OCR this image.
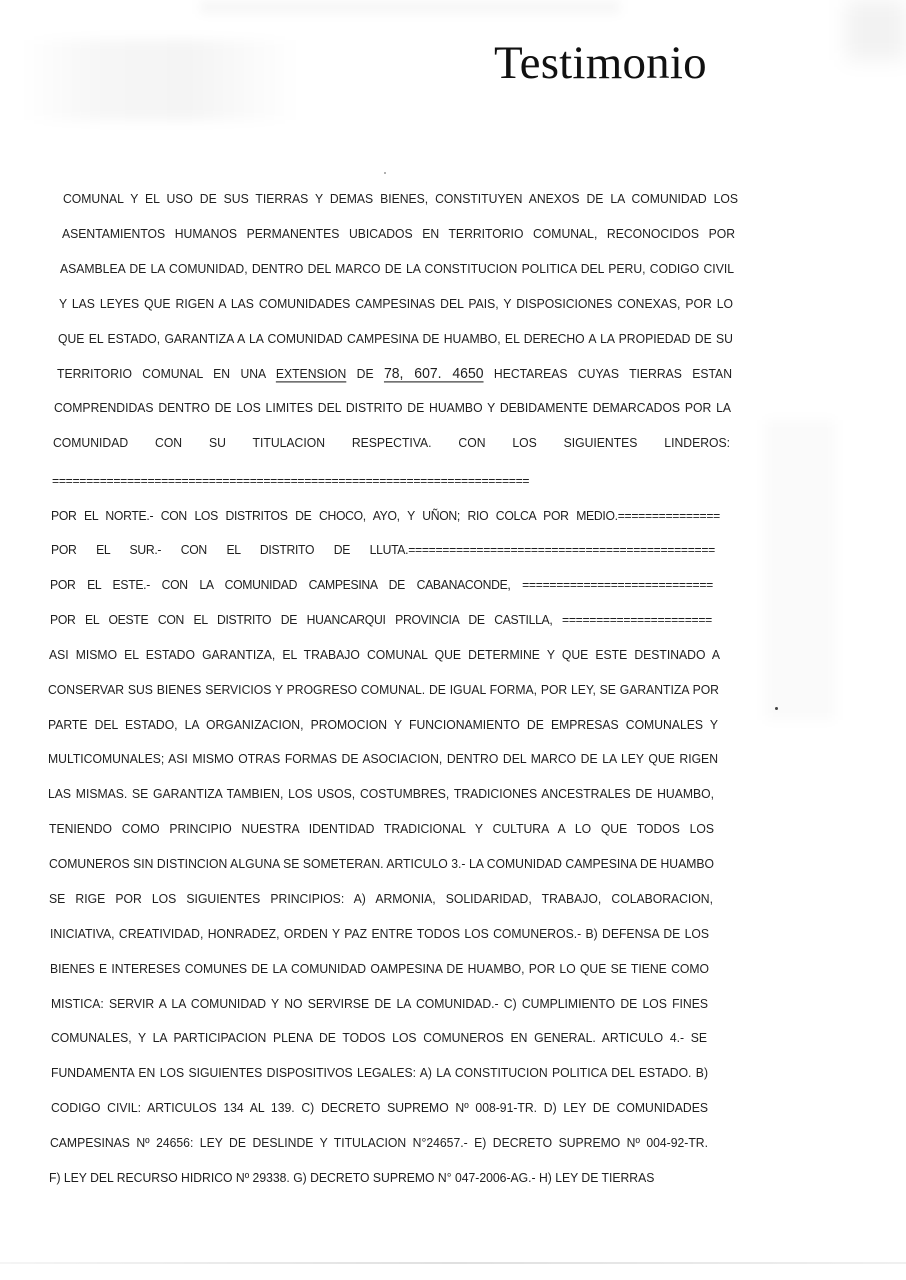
Testimonio
COMUNAL Y EL USO DE SUS TIERRAS Y DEMAS BIENES, CONSTITUYEN ANEXOS DE LA COMUNIDAD LOS
ASENTAMIENTOS HUMANOS PERMANENTES UBICADOS EN TERRITORIO COMUNAL, RECONOCIDOS POR
ASAMBLEA DE LA COMUNIDAD, DENTRO DEL MARCO DE LA CONSTITUCION POLITICA DEL PERU, CODIGO CIVIL
Y LAS LEYES QUE RIGEN A LAS COMUNIDADES CAMPESINAS DEL PAIS, Y DISPOSICIONES CONEXAS, POR LO
QUE EL ESTADO, GARANTIZA A LA COMUNIDAD CAMPESINA DE HUAMBO, EL DERECHO A LA PROPIEDAD DE SU
TERRITORIO COMUNAL EN UNA EXTENSION DE 78, 607. 4650 HECTAREAS CUYAS TIERRAS ESTAN
COMPRENDIDAS DENTRO DE LOS LIMITES DEL DISTRITO DE HUAMBO Y DEBIDAMENTE DEMARCADOS POR LA
COMUNIDAD CON SU TITULACION RESPECTIVA. CON LOS SIGUIENTES LINDEROS:
======================================================================
POR EL NORTE.- CON LOS DISTRITOS DE CHOCO, AYO, Y UÑON; RIO COLCA POR MEDIO.===============
POR EL SUR.- CON EL DISTRITO DE LLUTA.=============================================
POR EL ESTE.- CON LA COMUNIDAD CAMPESINA DE CABANACONDE, ============================
POR EL OESTE CON EL DISTRITO DE HUANCARQUI PROVINCIA DE CASTILLA, ======================
ASI MISMO EL ESTADO GARANTIZA, EL TRABAJO COMUNAL QUE DETERMINE Y QUE ESTE DESTINADO A
CONSERVAR SUS BIENES SERVICIOS Y PROGRESO COMUNAL. DE IGUAL FORMA, POR LEY, SE GARANTIZA POR
PARTE DEL ESTADO, LA ORGANIZACION, PROMOCION Y FUNCIONAMIENTO DE EMPRESAS COMUNALES Y
MULTICOMUNALES; ASI MISMO OTRAS FORMAS DE ASOCIACION, DENTRO DEL MARCO DE LA LEY QUE RIGEN
LAS MISMAS. SE GARANTIZA TAMBIEN, LOS USOS, COSTUMBRES, TRADICIONES ANCESTRALES DE HUAMBO,
TENIENDO COMO PRINCIPIO NUESTRA IDENTIDAD TRADICIONAL Y CULTURA A LO QUE TODOS LOS
COMUNEROS SIN DISTINCION ALGUNA SE SOMETERAN. ARTICULO 3.- LA COMUNIDAD CAMPESINA DE HUAMBO
SE RIGE POR LOS SIGUIENTES PRINCIPIOS: A) ARMONIA, SOLIDARIDAD, TRABAJO, COLABORACION,
INICIATIVA, CREATIVIDAD, HONRADEZ, ORDEN Y PAZ ENTRE TODOS LOS COMUNEROS.- B) DEFENSA DE LOS
BIENES E INTERESES COMUNES DE LA COMUNIDAD OAMPESINA DE HUAMBO, POR LO QUE SE TIENE COMO
MISTICA: SERVIR A LA COMUNIDAD Y NO SERVIRSE DE LA COMUNIDAD.- C) CUMPLIMIENTO DE LOS FINES
COMUNALES, Y LA PARTICIPACION PLENA DE TODOS LOS COMUNEROS EN GENERAL. ARTICULO 4.- SE
FUNDAMENTA EN LOS SIGUIENTES DISPOSITIVOS LEGALES: A) LA CONSTITUCION POLITICA DEL ESTADO. B)
CODIGO CIVIL: ARTICULOS 134 AL 139. C) DECRETO SUPREMO Nº 008-91-TR. D) LEY DE COMUNIDADES
CAMPESINAS Nº 24656: LEY DE DESLINDE Y TITULACION N°24657.- E) DECRETO SUPREMO Nº 004-92-TR.
F) LEY DEL RECURSO HIDRICO Nº 29338. G) DECRETO SUPREMO N° 047-2006-AG.- H) LEY DE TIERRAS
